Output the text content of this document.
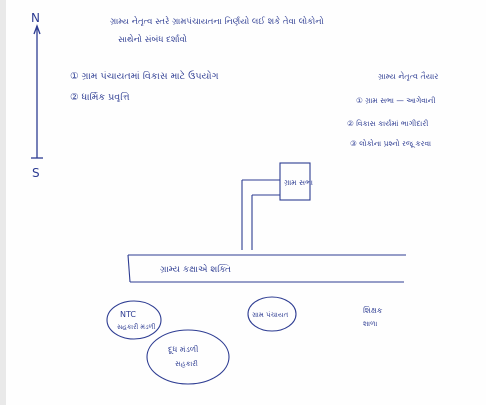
N
S
ગ્રામ્ય નેતૃત્વ સ્તરે ગ્રામપંચાયતના નિર્ણયો લઈ શકે તેવા લોકોનો
સાથેનો સંબંધ દર્શાવો
① ગ્રામ પંચાયતમાં વિકાસ માટે ઉપયોગ
② ધાર્મિક પ્રવૃત્તિ
ગ્રામ્ય નેતૃત્વ તૈયાર
① ગ્રામ સભા — આગેવાની
② વિકાસ કાર્યમાં ભાગીદારી
③ લોકોના પ્રશ્નો રજૂ કરવા
ગ્રામ સભા
ગ્રામ્ય કક્ષાએ શક્તિ
NTC
સહકારી મંડળી
ગ્રામ પંચાયત
દૂધ મંડળી
સહકારી
શિક્ષક
શાળા
